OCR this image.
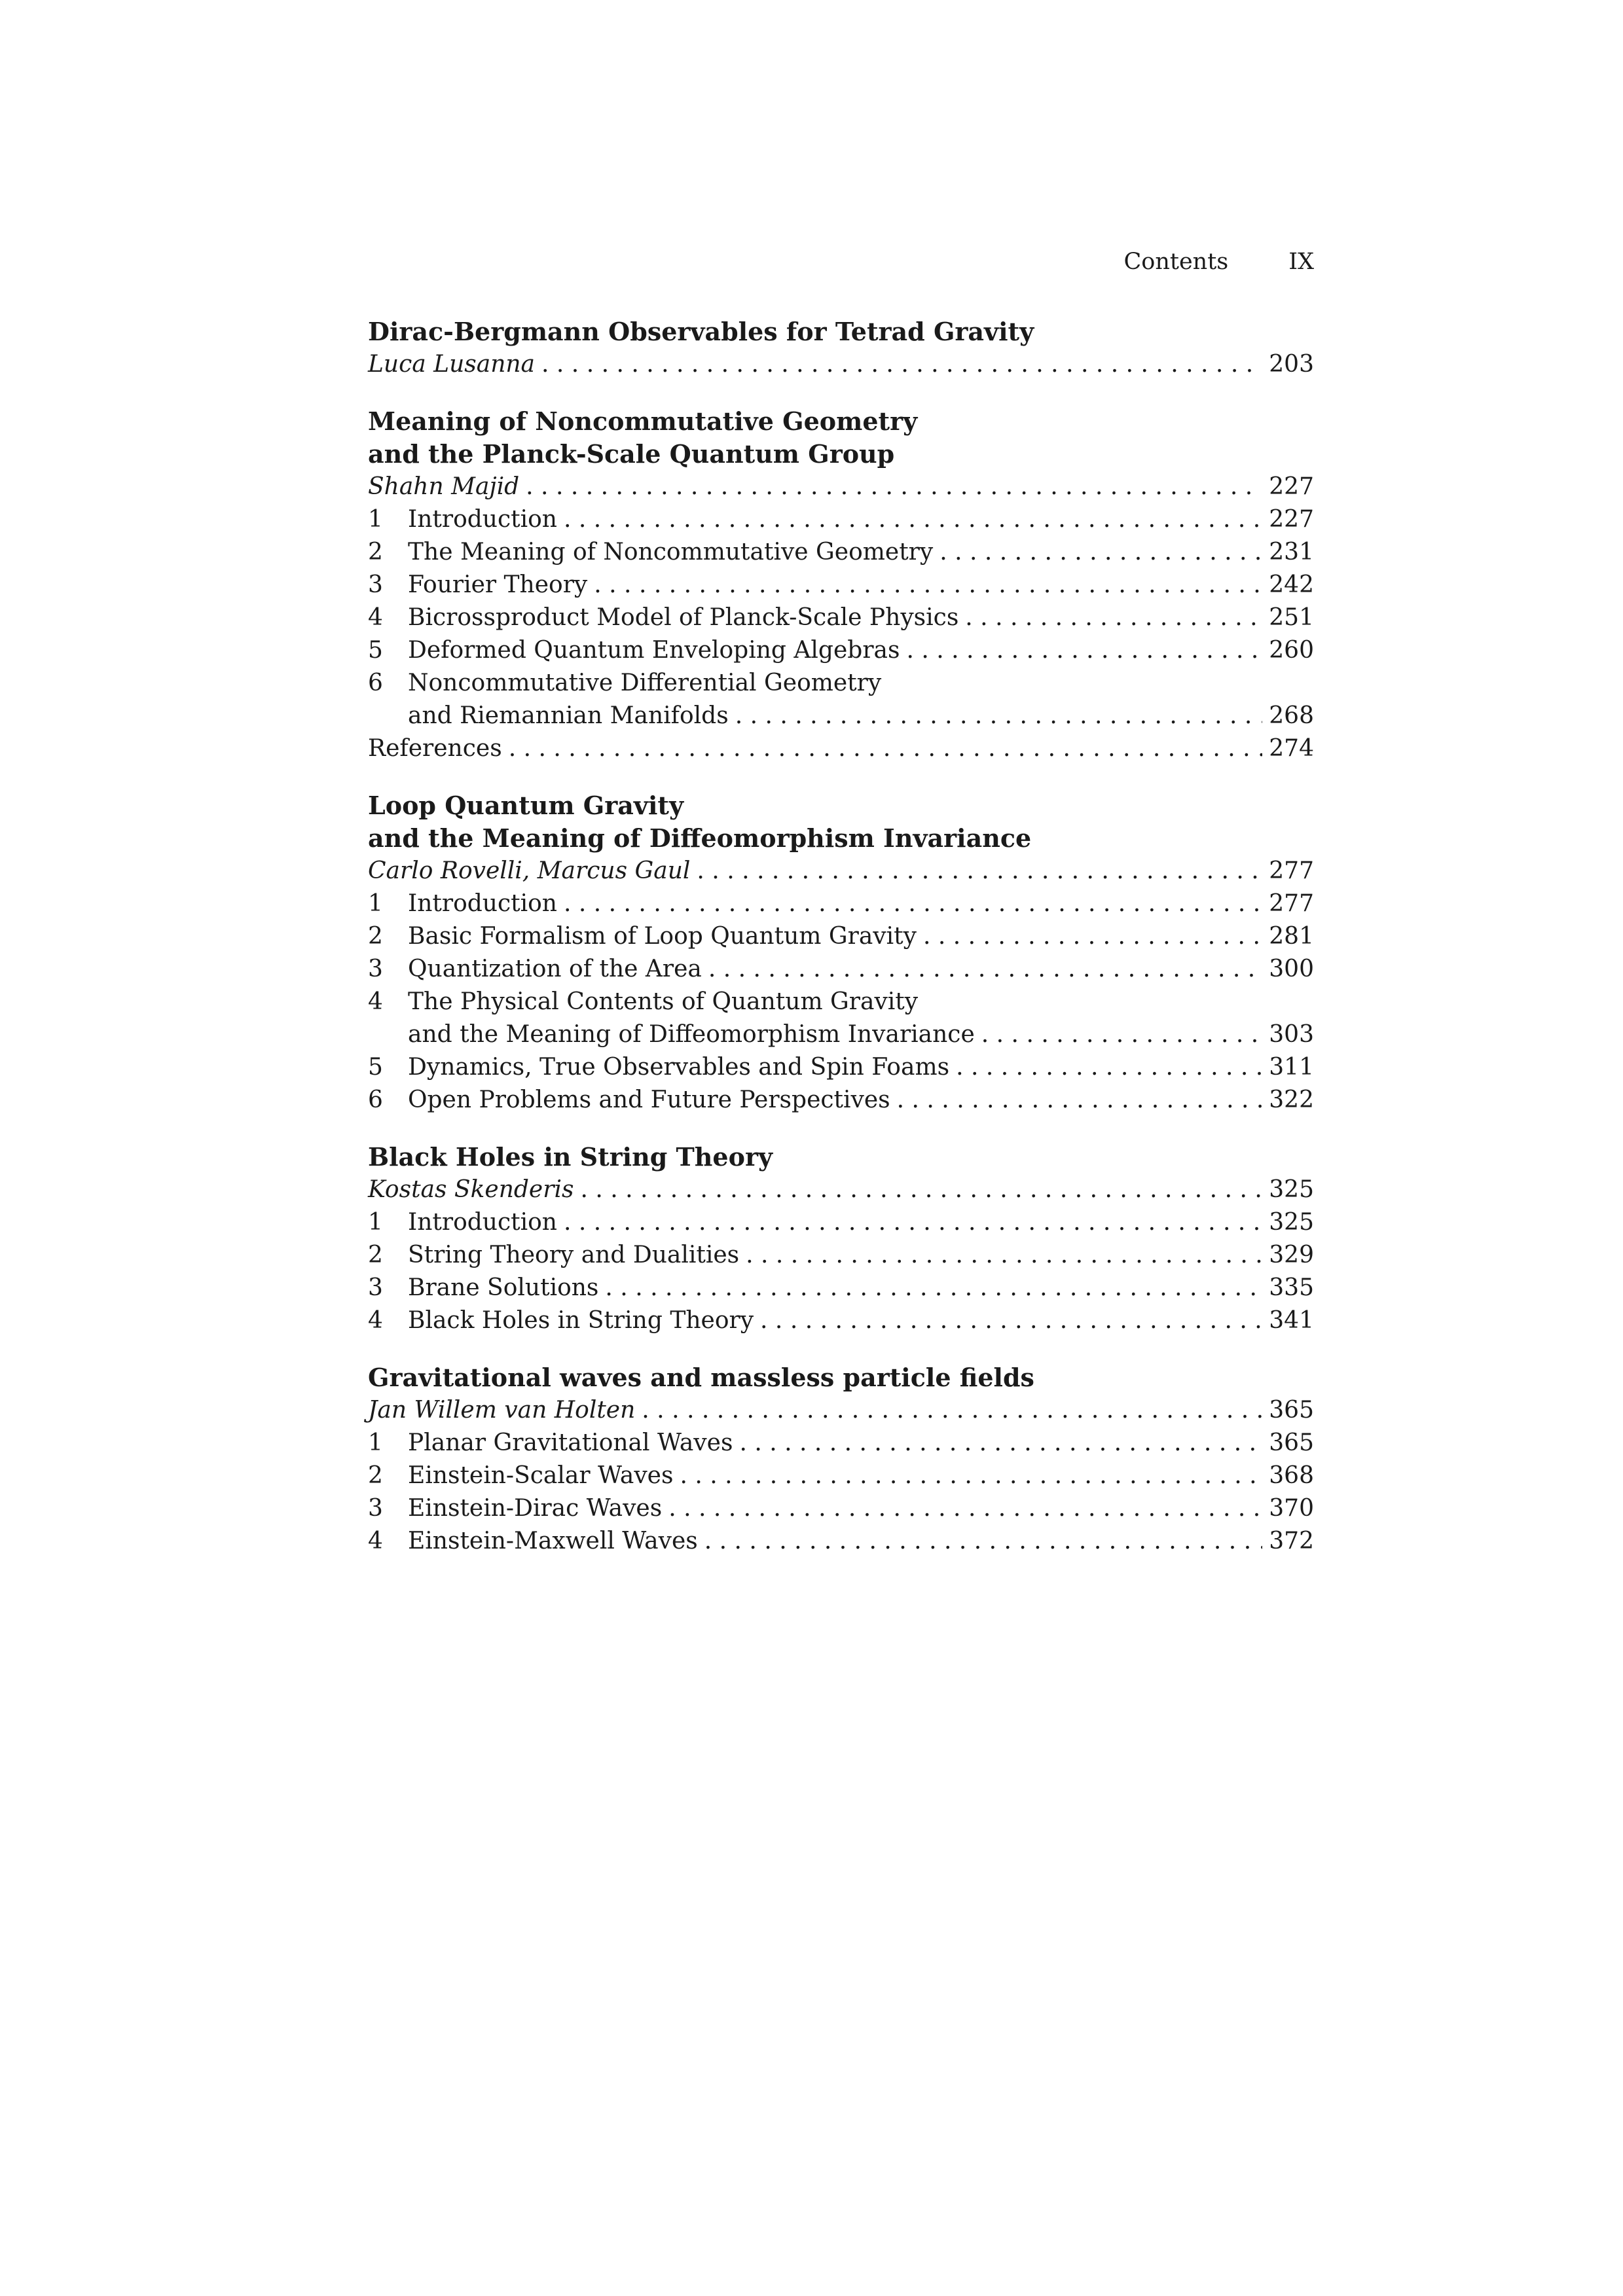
Contents	IX
Dirac-Bergmann Observables for Tetrad Gravity
Luca Lusanna . . .	203
Meaning of Noncommutative Geometry
and the Planck-Scale Quantum Group
Shahn Majid . . .	227
1	Introduction . . .	227
2	The Meaning of Noncommutative Geometry . . .	231
3	Fourier Theory . . .	242
4	Bicrossproduct Model of Planck-Scale Physics . . .	251
5	Deformed Quantum Enveloping Algebras . . .	260
6 Noncommutative Differential Geometry
and Riemannian Manifolds . . .	268
References . . .	274
Loop Quantum Gravity
and the Meaning of Diffeomorphism Invariance
Carlo Rovelli, Marcus Gaul . . .	277
1	Introduction . . .	277
2	Basic Formalism of Loop Quantum Gravity . . .	281
3	Quantization of the Area . . .	300
4 The Physical Contents of Quantum Gravity
and the Meaning of Diffeomorphism Invariance . . .	303
5	Dynamics, True Observables and Spin Foams . . .	311
6	Open Problems and Future Perspectives . . .	322
Black Holes in String Theory
Kostas Skenderis . . .	325
1	Introduction . . .	325
2	String Theory and Dualities . . .	329
3	Brane Solutions . . .	335
4	Black Holes in String Theory . . .	341
Gravitational waves and massless particle fields
Jan Willem van Holten . . .	365
1	Planar Gravitational Waves . . .	365
2	Einstein-Scalar Waves . . .	368
3	Einstein-Dirac Waves . . .	370
4	Einstein-Maxwell Waves . . .	372
